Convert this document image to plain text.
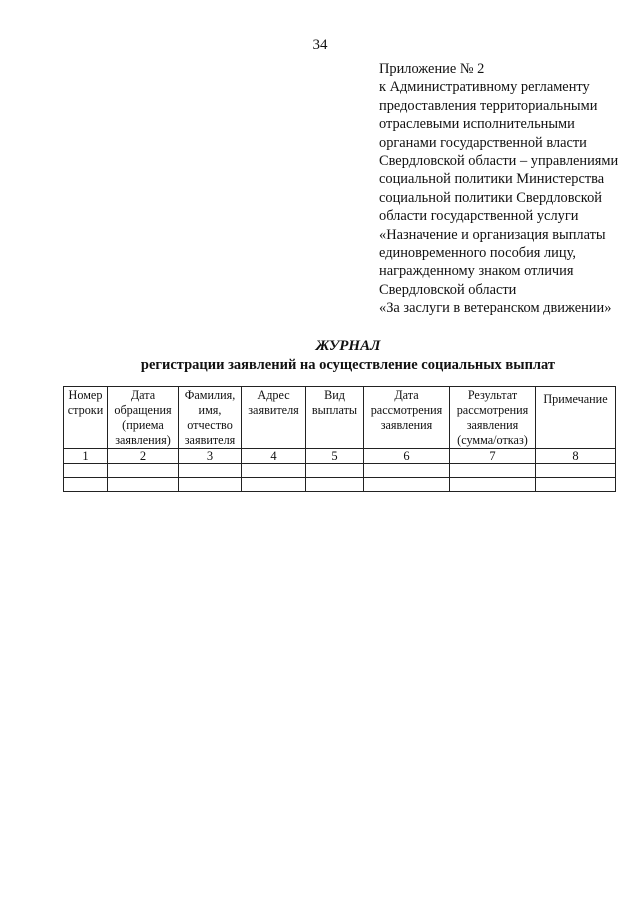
34
Приложение № 2
к Административному регламенту
предоставления территориальными
отраслевыми исполнительными
органами государственной власти
Свердловской области – управлениями
социальной политики Министерства
социальной политики Свердловской
области государственной услуги
«Назначение и организация выплаты
единовременного пособия лицу,
награжденному знаком отличия
Свердловской области
«За заслуги в ветеранском движении»
ЖУРНАЛ
регистрации заявлений на осуществление социальных выплат
Номер строки	Дата обращения (приема заявления)	Фамилия, имя, отчество заявителя	Адрес заявителя	Вид выплаты	Дата рассмотрения заявления	Результат рассмотрения заявления (сумма/отказ)	Примечание

1	2	3	4	5	6	7	8
